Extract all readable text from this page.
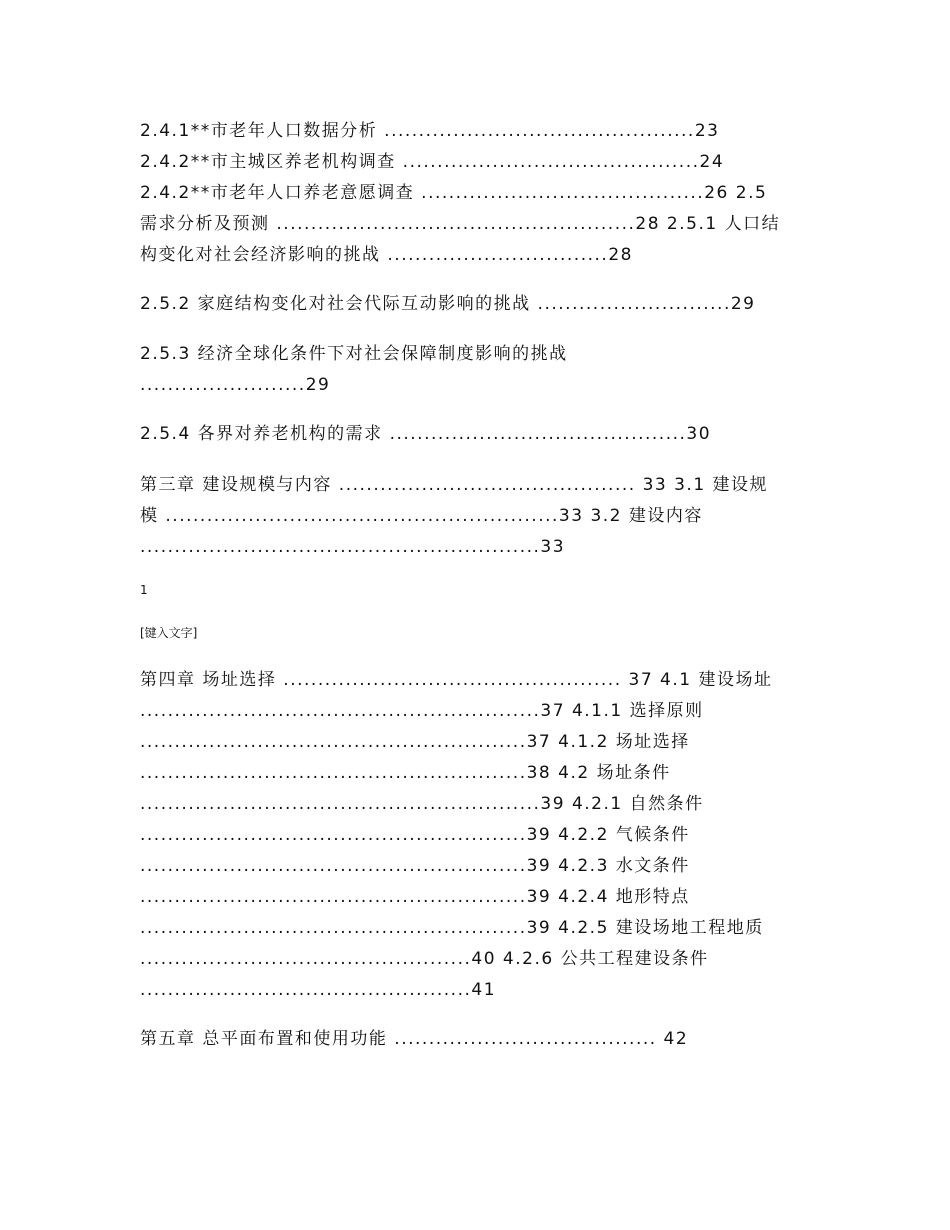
2.4.1**市老年人口数据分析 .............................................23
2.4.2**市主城区养老机构调查 ...........................................24
2.4.2**市老年人口养老意愿调查 .........................................26 2.5
需求分析及预测 ....................................................28 2.5.1 人口结
构变化对社会经济影响的挑战 ................................28
2.5.2 家庭结构变化对社会代际互动影响的挑战 ............................29
2.5.3 经济全球化条件下对社会保障制度影响的挑战
........................29
2.5.4 各界对养老机构的需求 ...........................................30
第三章 建设规模与内容 ........................................... 33 3.1 建设规
模 .........................................................33 3.2 建设内容
..........................................................33
1
[键入文字]
第四章 场址选择 ................................................. 37 4.1 建设场址
..........................................................37 4.1.1 选择原则
........................................................37 4.1.2 场址选择
........................................................38 4.2 场址条件
..........................................................39 4.2.1 自然条件
........................................................39 4.2.2 气候条件
........................................................39 4.2.3 水文条件
........................................................39 4.2.4 地形特点
........................................................39 4.2.5 建设场地工程地质
................................................40 4.2.6 公共工程建设条件
................................................41
第五章 总平面布置和使用功能 ...................................... 42
